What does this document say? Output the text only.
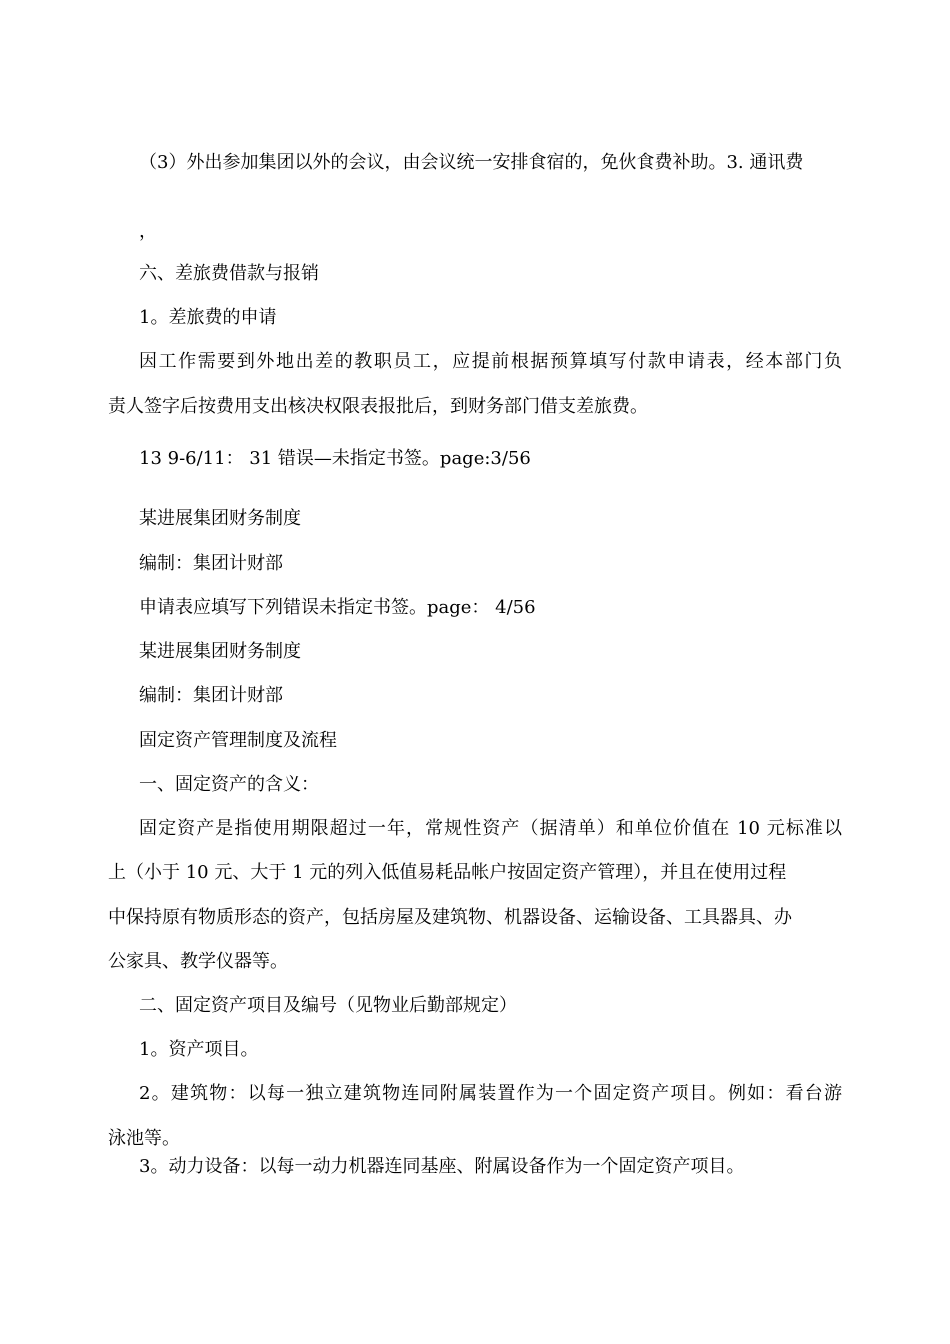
（3）外出参加集团以外的会议，由会议统一安排食宿的，免伙食费补助。3. 通讯费

，

六、差旅费借款与报销

1。差旅费的申请

因工作需要到外地出差的教职员工，应提前根据预算填写付款申请表，经本部门负

责人签字后按费用支出核决权限表报批后，到财务部门借支差旅费。

13 9-6/11： 31 错误—未指定书签。page:3/56

某进展集团财务制度

编制：集团计财部

申请表应填写下列错误未指定书签。page： 4/56

某进展集团财务制度

编制：集团计财部

固定资产管理制度及流程

一、固定资产的含义：

固定资产是指使用期限超过一年，常规性资产（据清单）和单位价值在 10 元标准以

上（小于 10 元、大于 1 元的列入低值易耗品帐户按固定资产管理），并且在使用过程

中保持原有物质形态的资产，包括房屋及建筑物、机器设备、运输设备、工具器具、办

公家具、教学仪器等。

二、固定资产项目及编号（见物业后勤部规定）

1。资产项目。

2。建筑物：以每一独立建筑物连同附属装置作为一个固定资产项目。例如：看台游

泳池等。

3。动力设备：以每一动力机器连同基座、附属设备作为一个固定资产项目。
